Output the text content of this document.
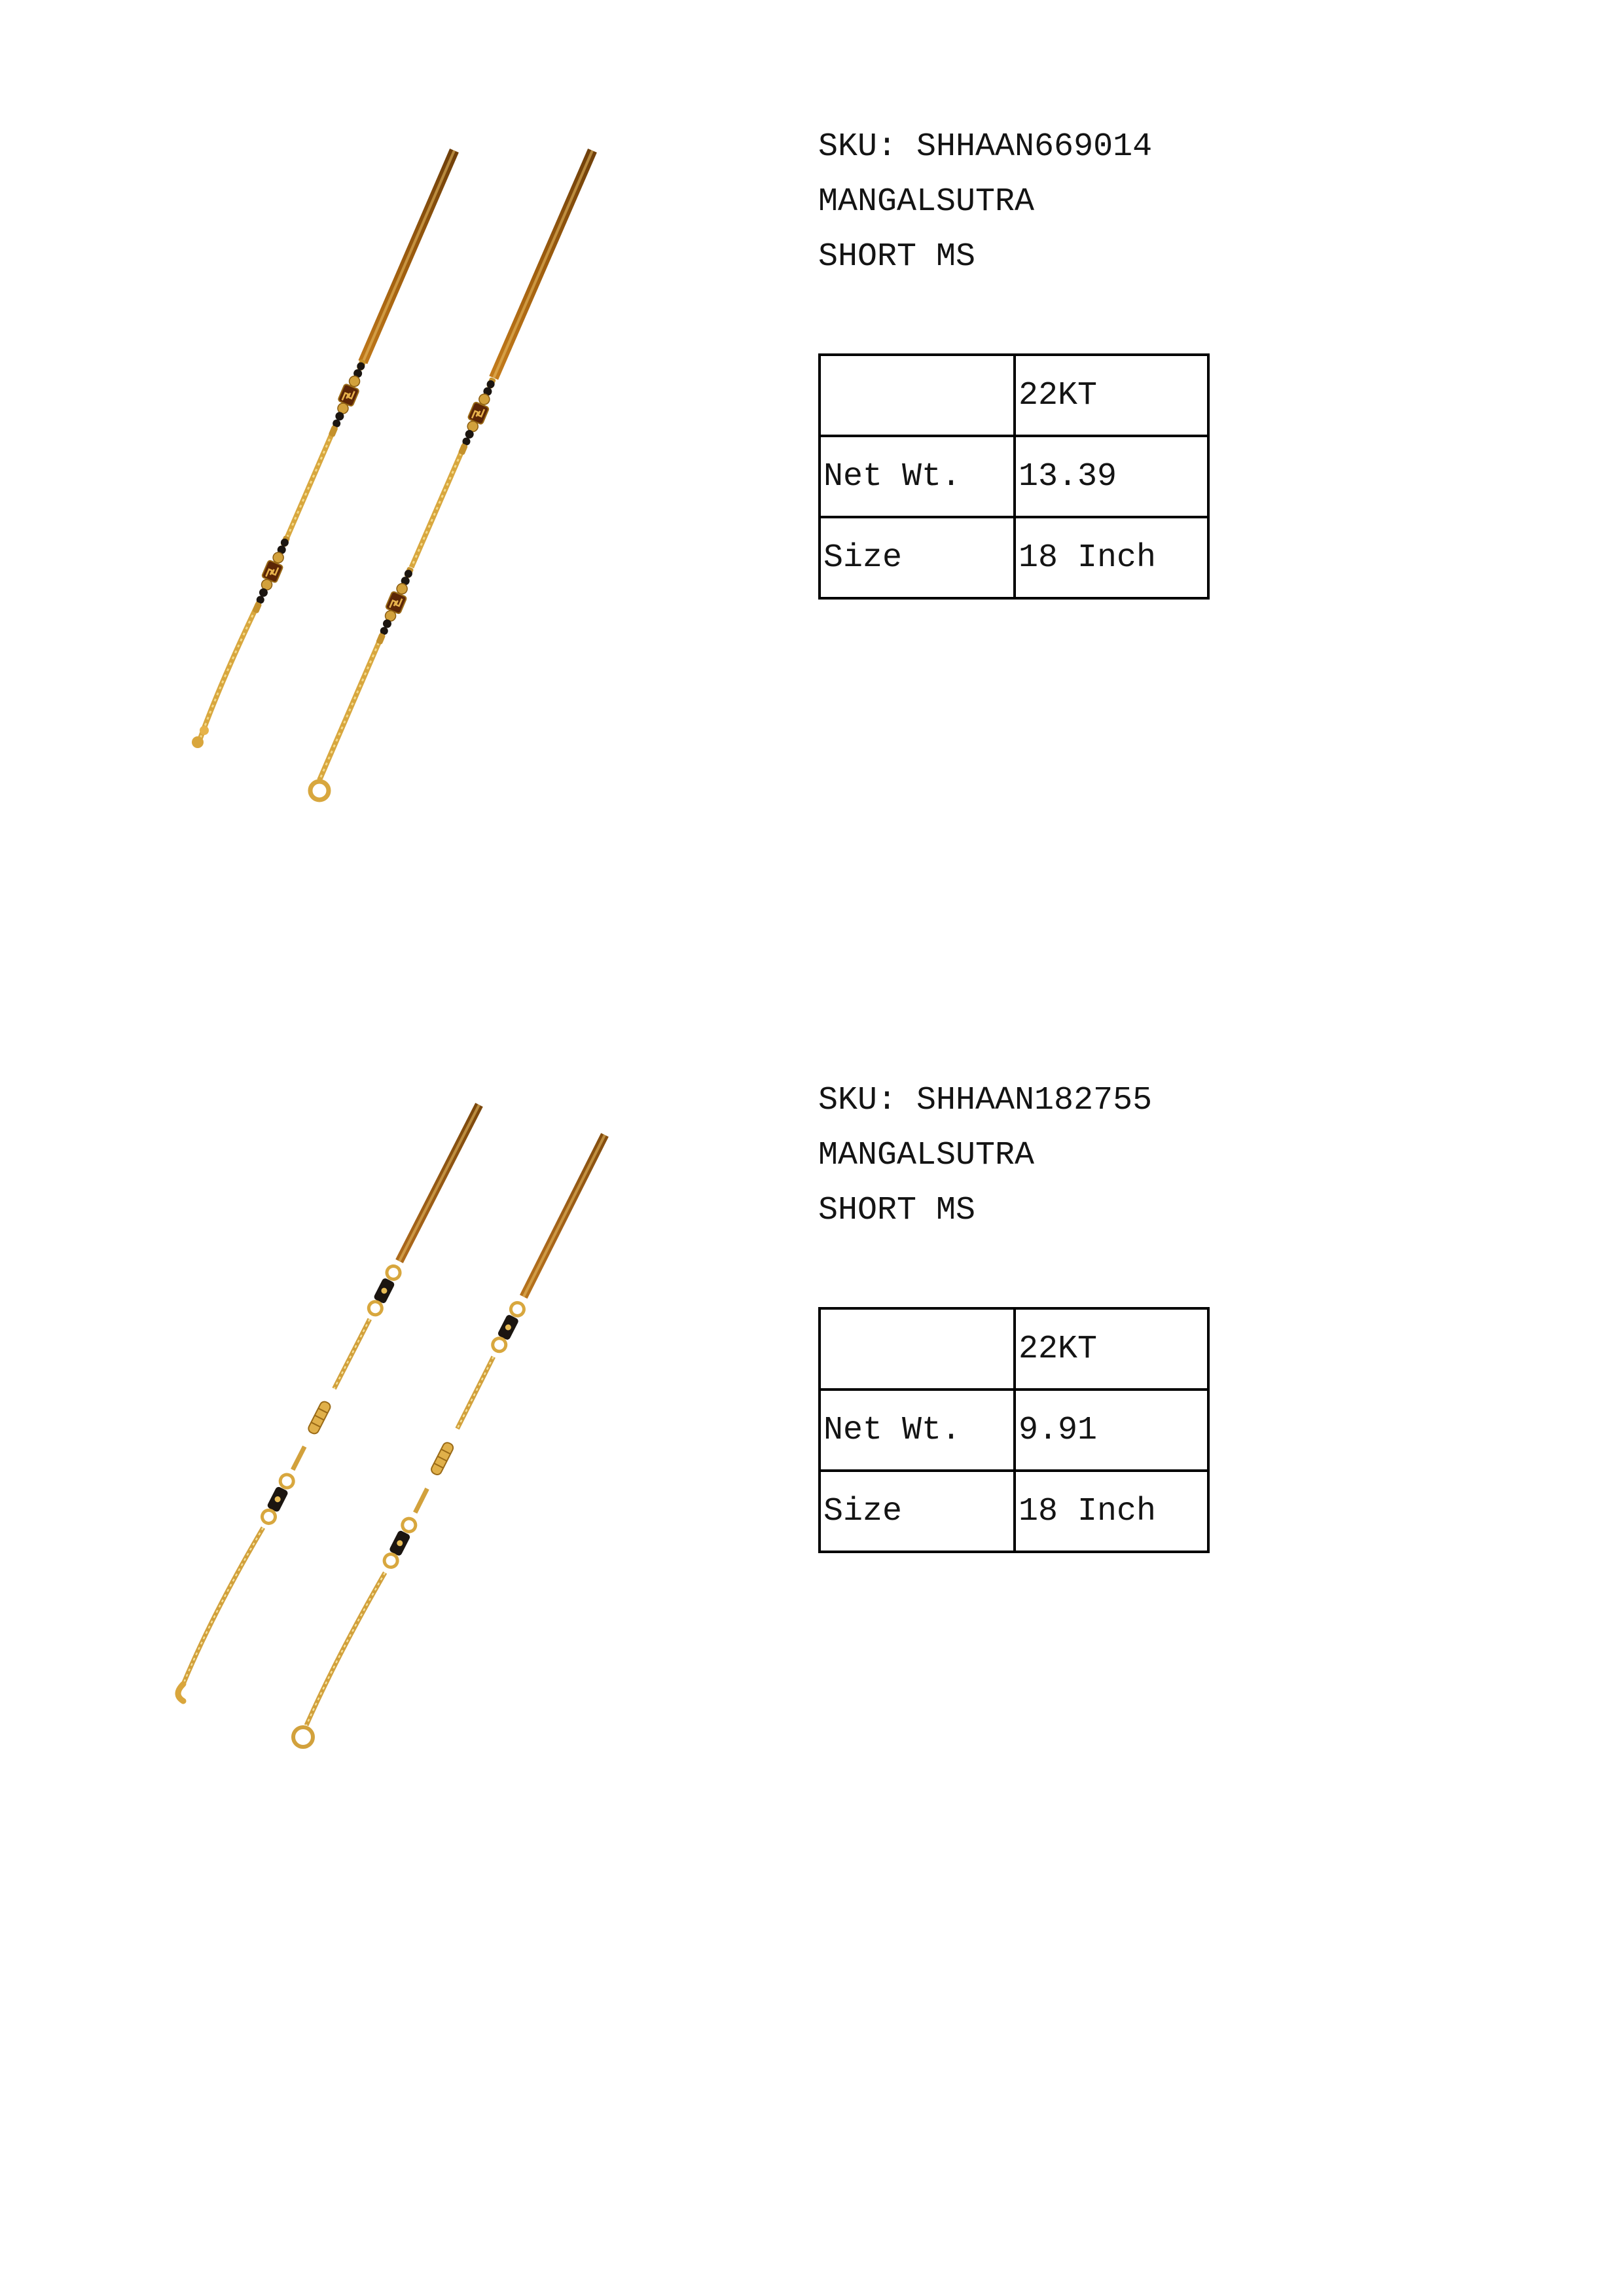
SKU: SHHAAN669014
MANGALSUTRA
SHORT MS
	22KT
Net Wt.	13.39
Size	18 Inch
SKU: SHHAAN182755
MANGALSUTRA
SHORT MS
	22KT
Net Wt.	9.91
Size	18 Inch
